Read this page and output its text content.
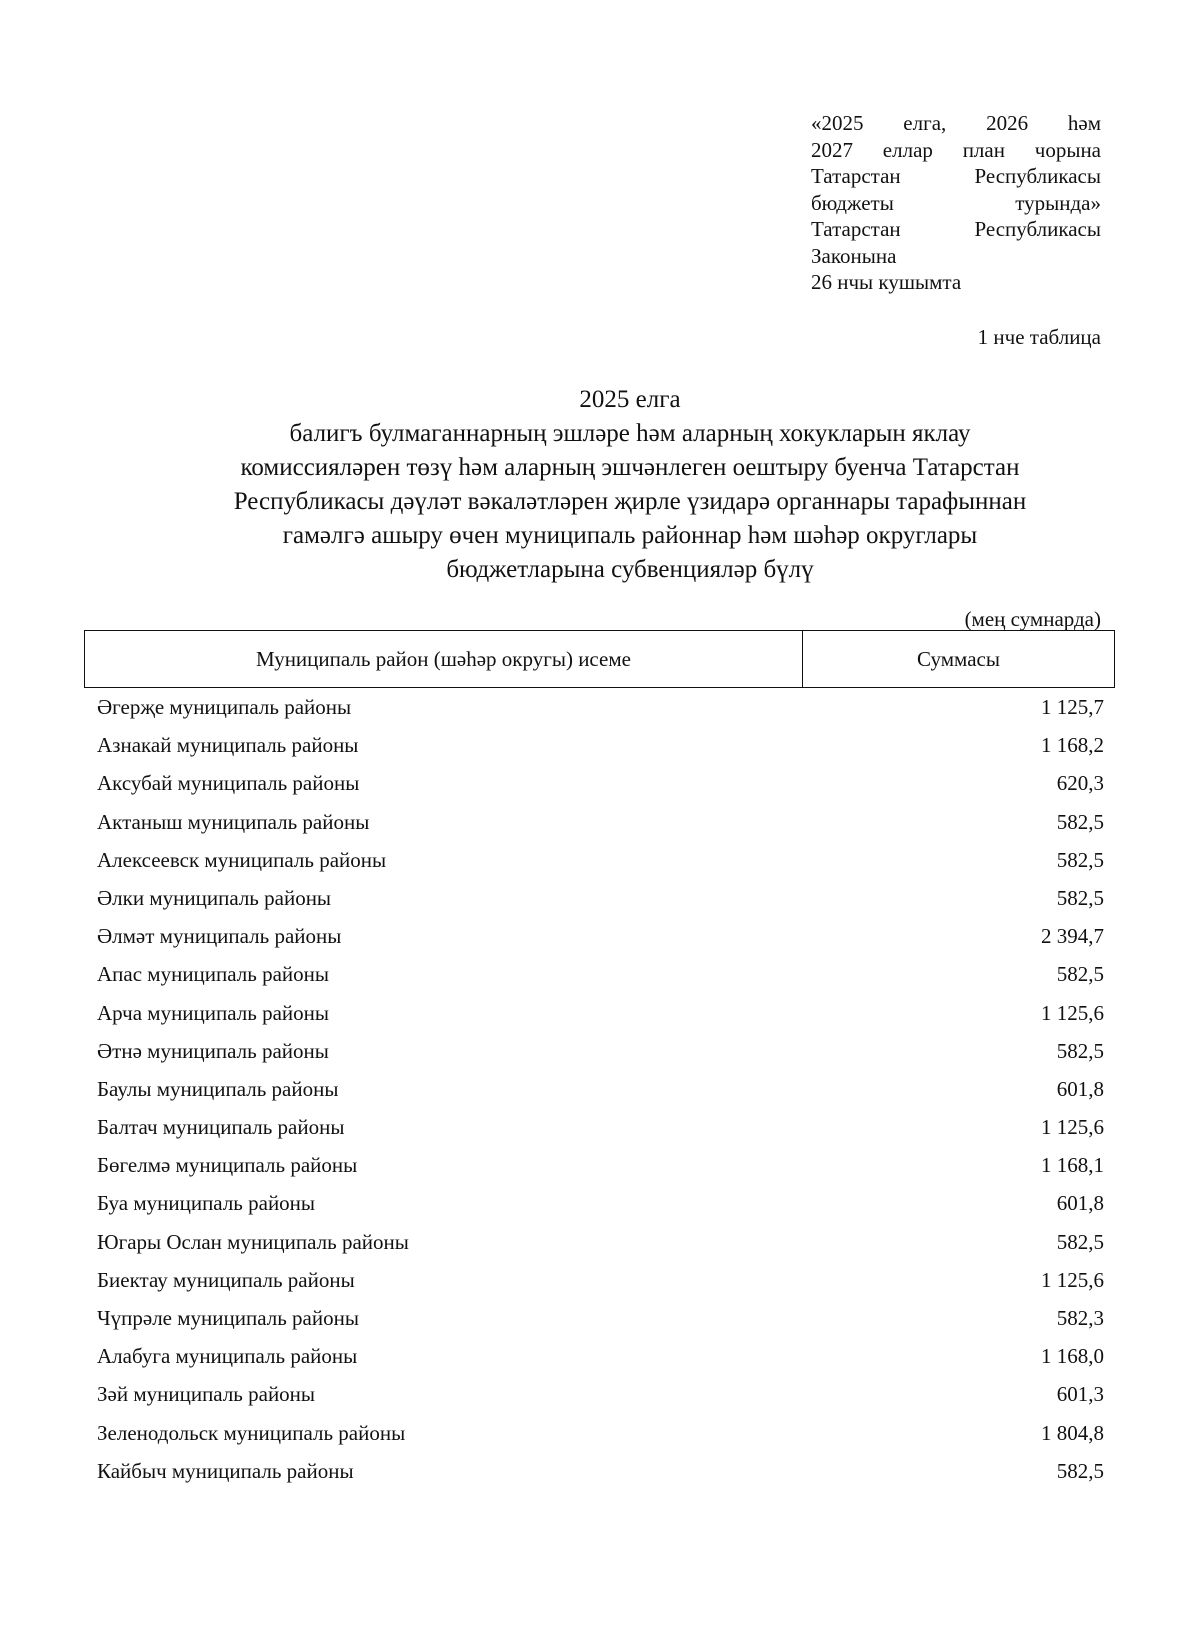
«2025 елга, 2026 һәм
2027 еллар план чорына
Татарстан Республикасы
бюджеты турында»
Татарстан Республикасы
Законына
26 нчы кушымта
1 нче таблица
2025 елга
балигъ булмаганнарның эшләре һәм аларның хокукларын яклау
комиссияләрен төзү һәм аларның эшчәнлеген оештыру буенча Татарстан
Республикасы дәүләт вәкаләтләрен җирле үзидарә органнары тарафыннан
гамәлгә ашыру өчен муниципаль районнар һәм шәһәр округлары
бюджетларына субвенцияләр бүлү
(мең сумнарда)
Муниципаль район (шәһәр округы) исеме	Суммасы
Әгерҗе муниципаль районы	1 125,7
Азнакай муниципаль районы	1 168,2
Аксубай муниципаль районы	620,3
Актаныш муниципаль районы	582,5
Алексеевск муниципаль районы	582,5
Әлки муниципаль районы	582,5
Әлмәт муниципаль районы	2 394,7
Апас муниципаль районы	582,5
Арча муниципаль районы	1 125,6
Әтнә муниципаль районы	582,5
Баулы муниципаль районы	601,8
Балтач муниципаль районы	1 125,6
Бөгелмә муниципаль районы	1 168,1
Буа муниципаль районы	601,8
Югары Ослан муниципаль районы	582,5
Биектау муниципаль районы	1 125,6
Чүпрәле муниципаль районы	582,3
Алабуга муниципаль районы	1 168,0
Зәй муниципаль районы	601,3
Зеленодольск муниципаль районы	1 804,8
Кайбыч муниципаль районы	582,5
